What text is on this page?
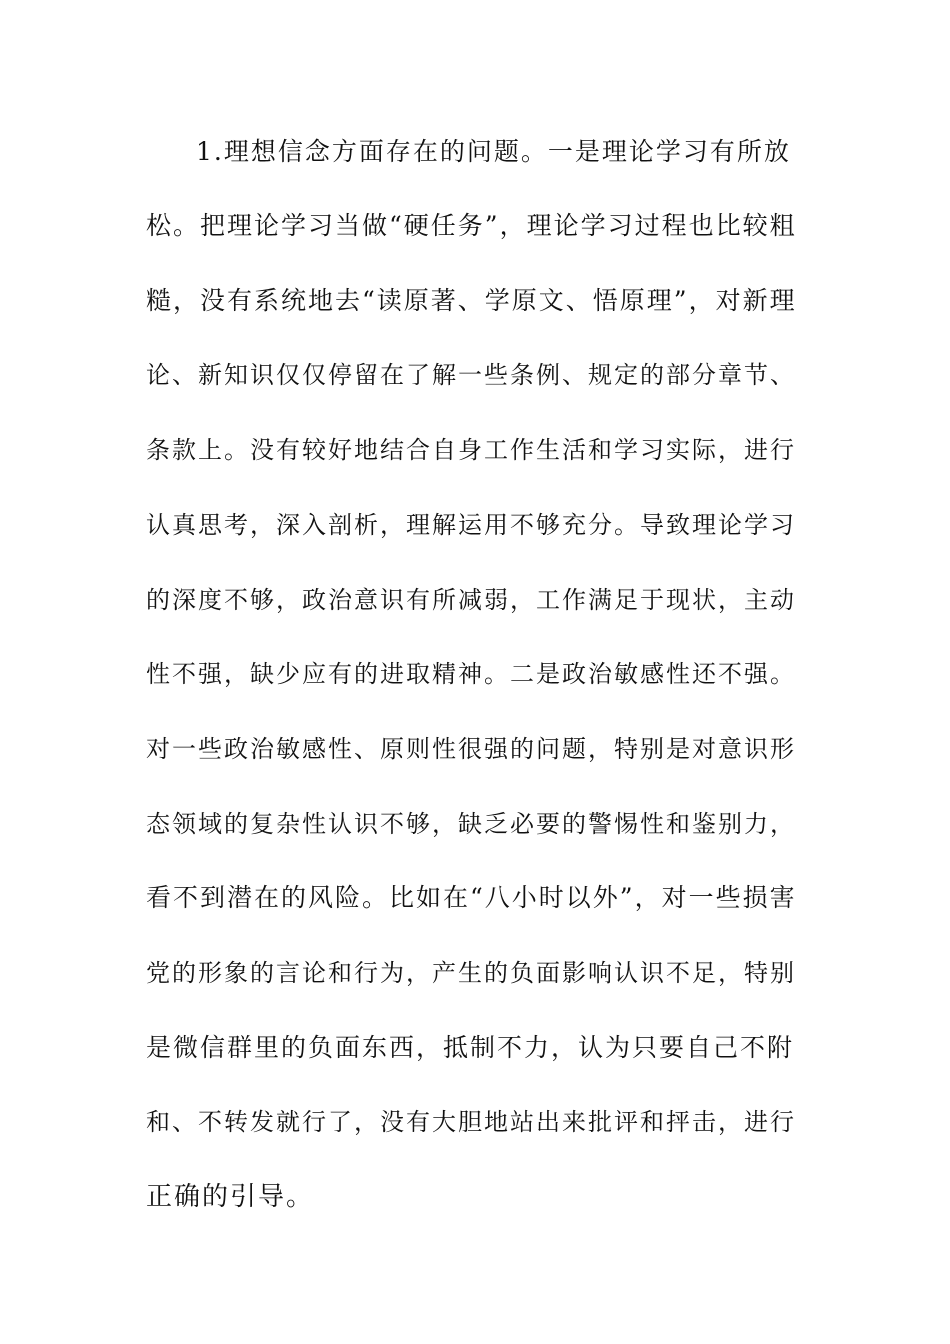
1.理想信念方面存在的问题。一是理论学习有所放
松。把理论学习当做“硬任务”，理论学习过程也比较粗
糙，没有系统地去“读原著、学原文、悟原理”，对新理
论、新知识仅仅停留在了解一些条例、规定的部分章节、
条款上。没有较好地结合自身工作生活和学习实际，进行
认真思考，深入剖析，理解运用不够充分。导致理论学习
的深度不够，政治意识有所减弱，工作满足于现状，主动
性不强，缺少应有的进取精神。二是政治敏感性还不强。
对一些政治敏感性、原则性很强的问题，特别是对意识形
态领域的复杂性认识不够，缺乏必要的警惕性和鉴别力，
看不到潜在的风险。比如在“八小时以外”，对一些损害
党的形象的言论和行为，产生的负面影响认识不足，特别
是微信群里的负面东西，抵制不力，认为只要自己不附
和、不转发就行了，没有大胆地站出来批评和抨击，进行
正确的引导。
